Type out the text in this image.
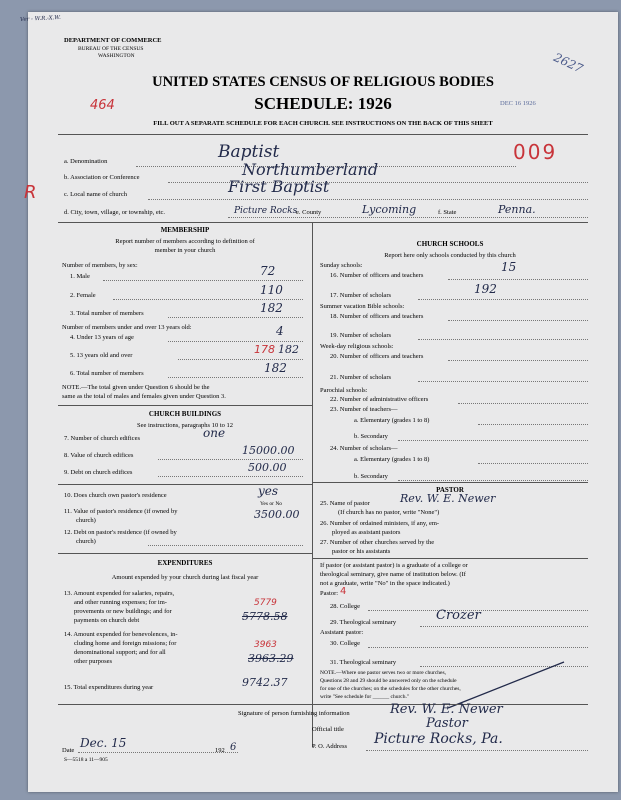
Ver - W.R.-X.W.
DEPARTMENT OF COMMERCE
BUREAU OF THE CENSUS
WASHINGTON	2627
UNITED STATES CENSUS OF RELIGIOUS BODIES
SCHEDULE: 1926
464	DEC 16 1926
FILL OUT A SEPARATE SCHEDULE FOR EACH CHURCH. SEE INSTRUCTIONS ON THE BACK OF THIS SHEET
a. Denomination	Baptist	009
b. Association or Conference	Northumberland
c. Local name of church	First Baptist
R
d. City, town, village, or township, etc.	Picture Rocks
e. County	Lycoming	f. State	Penna.
MEMBERSHIP
Report number of members according to definition of
member in your church
Number of members, by sex:
1. Male	72
2. Female	110
3. Total number of members	182
Number of members under and over 13 years old:
4. Under 13 years of age	4
5. 13 years old and over	178 182
6. Total number of members	182
NOTE.—The total given under Question 6 should be the
same as the total of males and females given under Question 3.
CHURCH BUILDINGS
See instructions, paragraphs 10 to 12
7. Number of church edifices	one
8. Value of church edifices	15000.00
9. Debt on church edifices	500.00
10. Does church own pastor's residence	yes
Yes or No
11. Value of pastor's residence (if owned by
church)	3500.00
12. Debt on pastor's residence (if owned by
church)
EXPENDITURES
Amount expended by your church during last fiscal year
13. Amount expended for salaries, repairs,
and other running expenses; for im-
provements or new buildings; and for
payments on church debt
5779
5778.58
14. Amount expended for benevolences, in-
cluding home and foreign missions; for
denominational support; and for all
other purposes
3963
3963.29
15. Total expenditures during year	9742.37
CHURCH SCHOOLS
Report here only schools conducted by this church
Sunday schools:
16. Number of officers and teachers
15
17. Number of scholars	192
Summer vacation Bible schools:
18. Number of officers and teachers
19. Number of scholars
Week-day religious schools:
20. Number of officers and teachers
21. Number of scholars
Parochial schools:
22. Number of administrative officers
23. Number of teachers—
a. Elementary (grades 1 to 8)
b. Secondary
24. Number of scholars—
a. Elementary (grades 1 to 8)
b. Secondary
PASTOR
25. Name of pastor	Rev. W. E. Newer
(If church has no pastor, write "None")
26. Number of ordained ministers, if any, em-
ployed as assistant pastors
27. Number of other churches served by the
pastor or his assistants
If pastor (or assistant pastor) is a graduate of a college or
theological seminary, give name of institution below. (If
not a graduate, write "No" in the space indicated.)
Pastor: 4
28. College
29. Theological seminary	Crozer
Assistant pastor:
30. College
31. Theological seminary
NOTE.—Where one pastor serves two or more churches,
Questions 28 and 29 should be answered only on the schedule
for one of the churches; on the schedules for the other churches,
write "See schedule for ______ church."
Signature of person furnishing information	Rev. W. E. Newer
Official title	Pastor
Date
Dec. 15
192 6	P. O. Address Picture Rocks, Pa.
S—5518 a 11—905
